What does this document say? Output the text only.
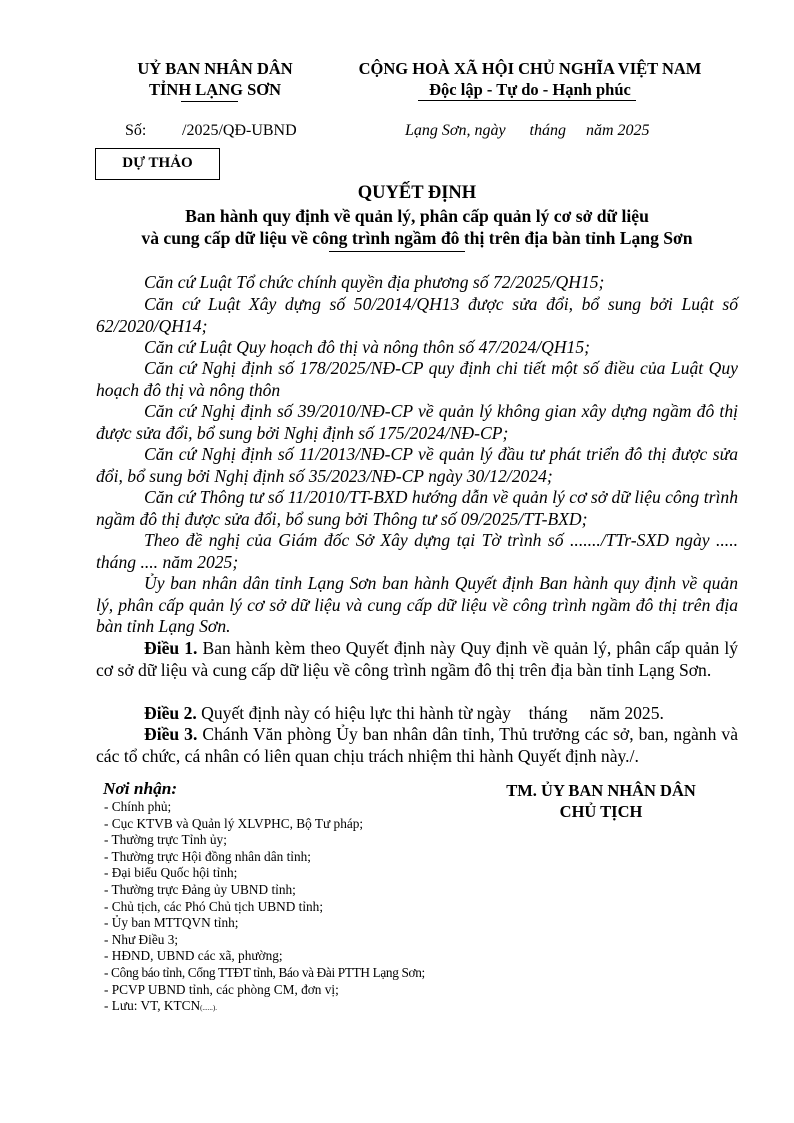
UỶ BAN NHÂN DÂN
TỈNH LẠNG SƠN
CỘNG HOÀ XÃ HỘI CHỦ NGHĨA VIỆT NAM
Độc lập - Tự do - Hạnh phúc
Số: /2025/QĐ-UBND	Lạng Sơn, ngày      tháng     năm 2025
DỰ THẢO
QUYẾT ĐỊNH
Ban hành quy định về quản lý, phân cấp quản lý cơ sở dữ liệu
và cung cấp dữ liệu về công trình ngầm đô thị trên địa bàn tỉnh Lạng Sơn
Căn cứ Luật Tổ chức chính quyền địa phương số 72/2025/QH15;
Căn cứ Luật Xây dựng số 50/2014/QH13 được sửa đổi, bổ sung bởi Luật số 62/2020/QH14;
Căn cứ Luật Quy hoạch đô thị và nông thôn số 47/2024/QH15;
Căn cứ Nghị định số 178/2025/NĐ-CP quy định chi tiết một số điều của Luật Quy hoạch đô thị và nông thôn
Căn cứ Nghị định số 39/2010/NĐ-CP về quản lý không gian xây dựng ngầm đô thị được sửa đổi, bổ sung bởi Nghị định số 175/2024/NĐ-CP;
Căn cứ Nghị định số 11/2013/NĐ-CP về quản lý đầu tư phát triển đô thị được sửa đổi, bổ sung bởi Nghị định số 35/2023/NĐ-CP ngày 30/12/2024;
Căn cứ Thông tư số 11/2010/TT-BXD hướng dẫn về quản lý cơ sở dữ liệu công trình ngầm đô thị được sửa đổi, bổ sung bởi Thông tư số 09/2025/TT-BXD;
Theo đề nghị của Giám đốc Sở Xây dựng tại Tờ trình số ......./TTr-SXD ngày ..... tháng .... năm 2025;
Ủy ban nhân dân tỉnh Lạng Sơn ban hành Quyết định Ban hành quy định về quản lý, phân cấp quản lý cơ sở dữ liệu và cung cấp dữ liệu về công trình ngầm đô thị trên địa bàn tỉnh Lạng Sơn.
Điều 1. Ban hành kèm theo Quyết định này Quy định về quản lý, phân cấp quản lý cơ sở dữ liệu và cung cấp dữ liệu về công trình ngầm đô thị trên địa bàn tỉnh Lạng Sơn.
Điều 2. Quyết định này có hiệu lực thi hành từ ngày    tháng     năm 2025.
Điều 3. Chánh Văn phòng Ủy ban nhân dân tỉnh, Thủ trưởng các sở, ban, ngành và các tổ chức, cá nhân có liên quan chịu trách nhiệm thi hành Quyết định này./.
Nơi nhận:
- Chính phủ;
- Cục KTVB và Quản lý XLVPHC, Bộ Tư pháp;
- Thường trực Tỉnh ủy;
- Thường trực Hội đồng nhân dân tỉnh;
- Đại biểu Quốc hội tỉnh;
- Thường trực Đảng ủy UBND tỉnh;
- Chủ tịch, các Phó Chủ tịch UBND tỉnh;
- Ủy ban MTTQVN tỉnh;
- Như Điều 3;
- HĐND, UBND các xã, phường;
- Công báo tỉnh, Cổng TTĐT tỉnh, Báo và Đài PTTH Lạng Sơn;
- PCVP UBND tỉnh, các phòng CM, đơn vị;
- Lưu: VT, KTCN(......).
TM. ỦY BAN NHÂN DÂN
CHỦ TỊCH
